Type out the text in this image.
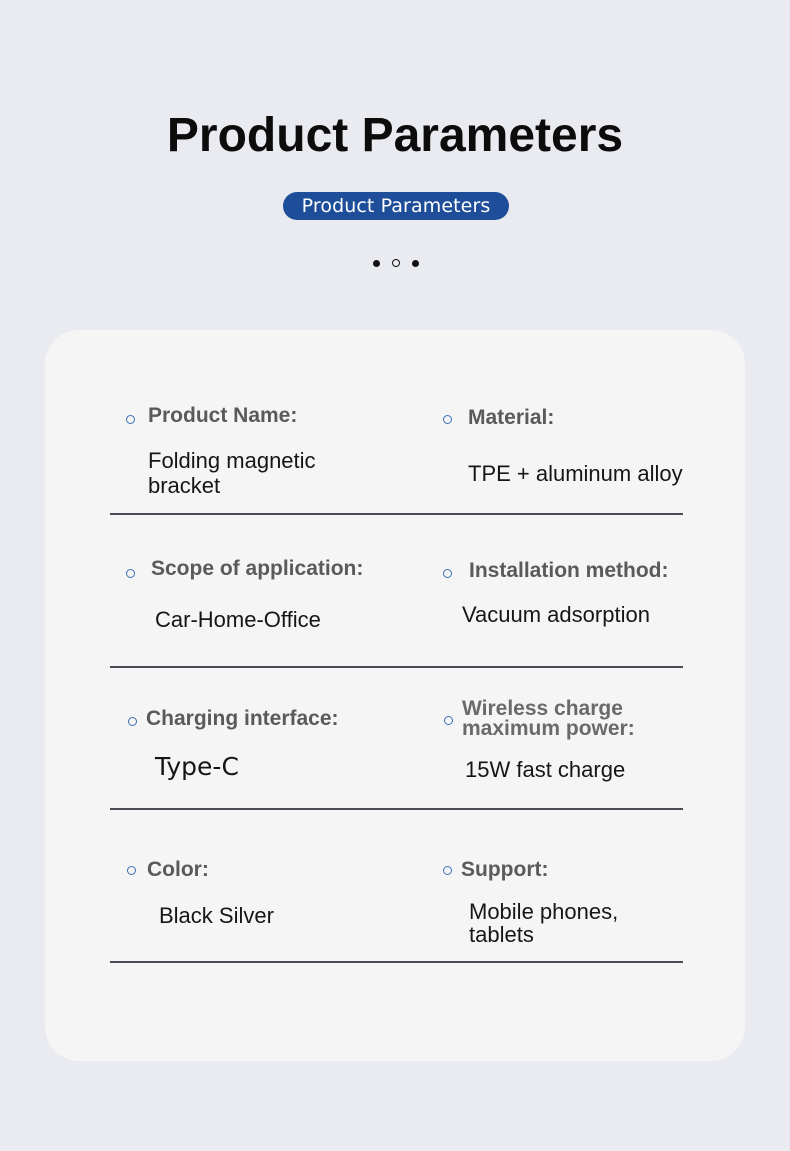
Product Parameters
Product Parameters
Product Name:
Folding magnetic
bracket
Material:
TPE + aluminum alloy
Scope of application:
Car-Home-Office
Installation method:
Vacuum adsorption
Charging interface:
Type-C
Wireless charge
maximum power:
15W fast charge
Color:
Black Silver
Support:
Mobile phones,
tablets
